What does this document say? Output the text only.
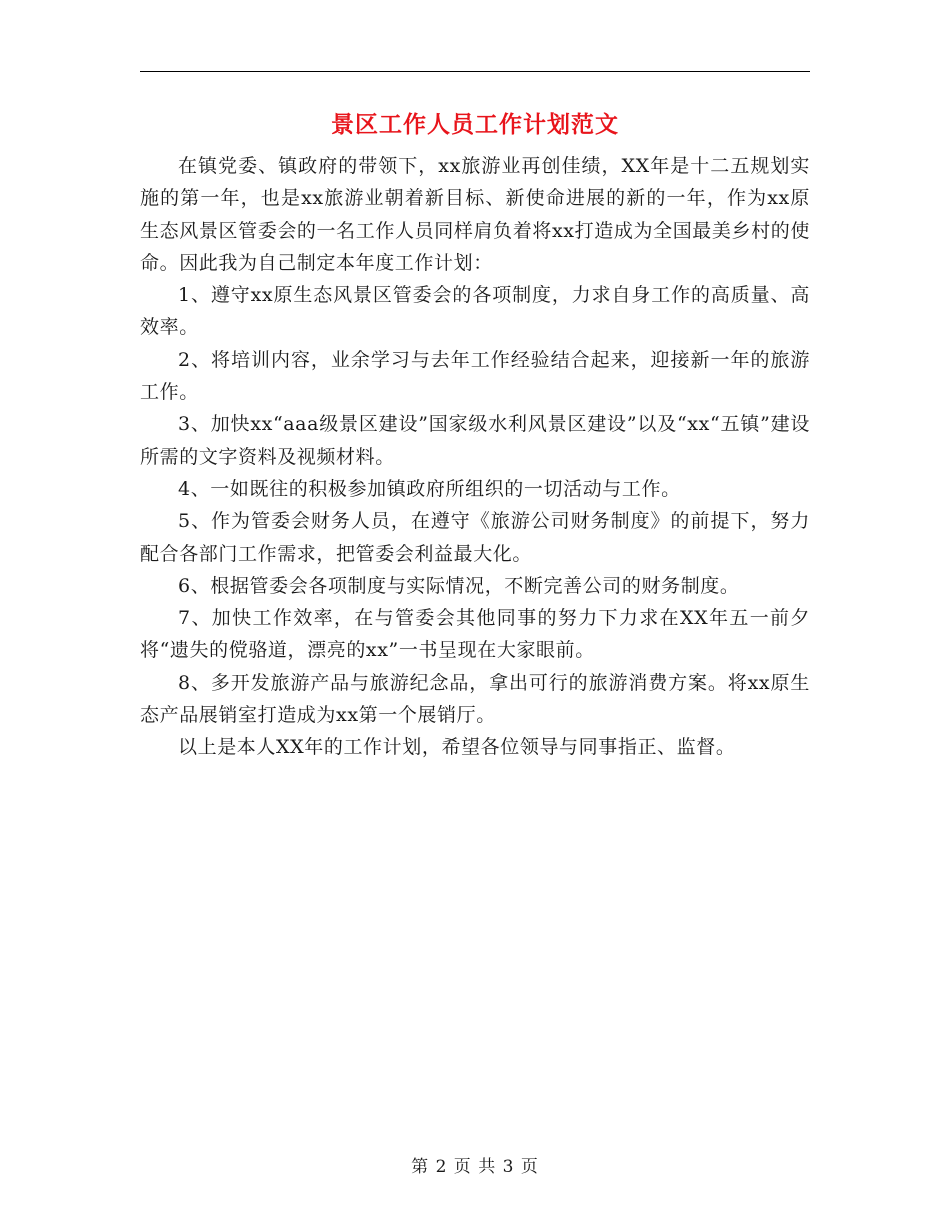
景区工作人员工作计划范文

在镇党委、镇政府的带领下，xx旅游业再创佳绩，XX年是十二五规划实施的第一年，也是xx旅游业朝着新目标、新使命进展的新的一年，作为xx原生态风景区管委会的一名工作人员同样肩负着将xx打造成为全国最美乡村的使命。因此我为自己制定本年度工作计划：

1、遵守xx原生态风景区管委会的各项制度，力求自身工作的高质量、高效率。

2、将培训内容，业余学习与去年工作经验结合起来，迎接新一年的旅游工作。

3、加快xx“aaa级景区建设”国家级水利风景区建设”以及“xx“五镇”建设所需的文字资料及视频材料。

4、一如既往的积极参加镇政府所组织的一切活动与工作。

5、作为管委会财务人员，在遵守《旅游公司财务制度》的前提下，努力配合各部门工作需求，把管委会利益最大化。

6、根据管委会各项制度与实际情况，不断完善公司的财务制度。

7、加快工作效率，在与管委会其他同事的努力下力求在XX年五一前夕将“遗失的傥骆道，漂亮的xx”一书呈现在大家眼前。

8、多开发旅游产品与旅游纪念品，拿出可行的旅游消费方案。将xx原生态产品展销室打造成为xx第一个展销厅。

以上是本人XX年的工作计划，希望各位领导与同事指正、监督。

第 2 页 共 3 页
